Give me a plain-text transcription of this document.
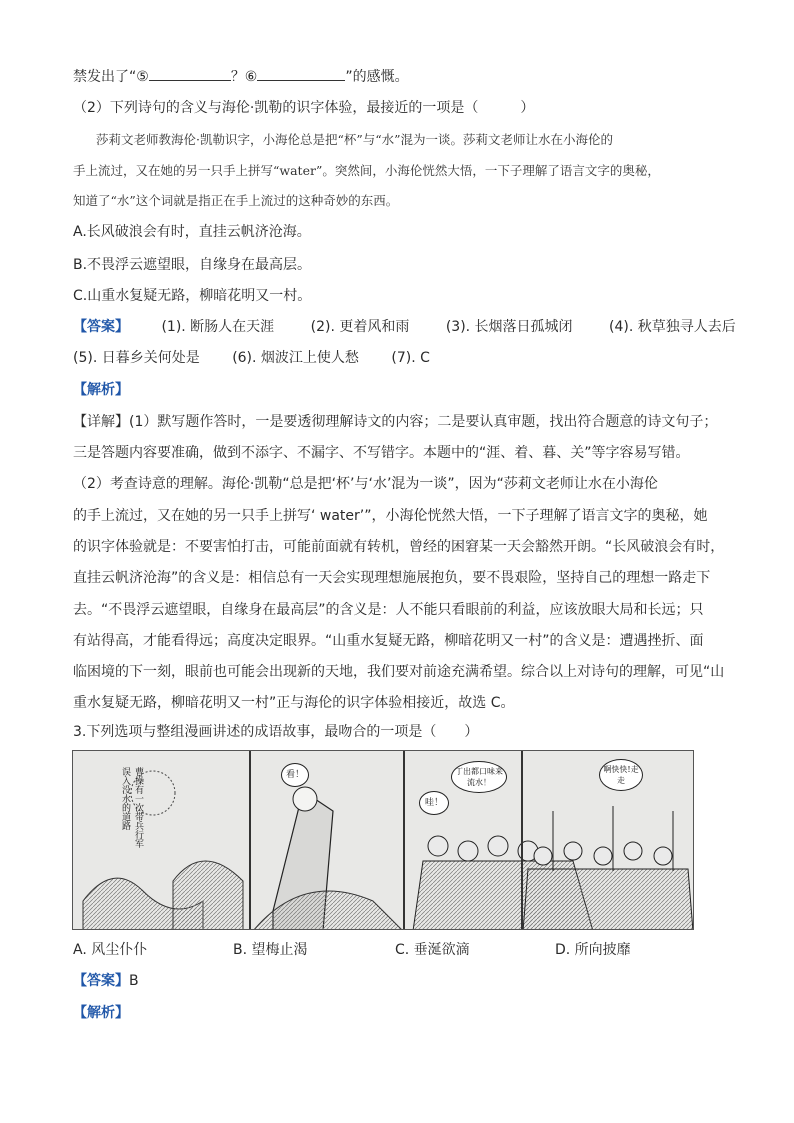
禁发出了“⑤	？⑥	”的感慨。
（2）下列诗句的含义与海伦·凯勒的识字体验，最接近的一项是（　　　）
莎莉文老师教海伦·凯勒识字，小海伦总是把“杯”与“水”混为一谈。莎莉文老师让水在小海伦的
手上流过，又在她的另一只手上拼写“water”。突然间，小海伦恍然大悟，一下子理解了语言文字的奥秘，
知道了“水”这个词就是指正在手上流过的这种奇妙的东西。
A.长风破浪会有时，直挂云帆济沧海。
B.不畏浮云遮望眼，自缘身在最高层。
C.山重水复疑无路，柳暗花明又一村。
【答案】 (1). 断肠人在天涯	(2). 更着风和雨	(3). 长烟落日孤城闭	(4). 秋草独寻人去后
(5). 日暮乡关何处是 (6). 烟波江上使人愁 (7). C
【解析】
【详解】(1）默写题作答时，一是要透彻理解诗文的内容；二是要认真审题，找出符合题意的诗文句子；
三是答题内容要准确，做到不添字、不漏字、不写错字。本题中的“涯、着、暮、关”等字容易写错。
（2）考查诗意的理解。海伦·凯勒“总是把‘杯’与‘水’混为一谈”，因为“莎莉文老师让水在小海伦
的手上流过，又在她的另一只手上拼写‘ water’”，小海伦恍然大悟，一下子理解了语言文字的奥秘，她
的识字体验就是：不要害怕打击，可能前面就有转机，曾经的困窘某一天会豁然开朗。“长风破浪会有时，
直挂云帆济沧海”的含义是：相信总有一天会实现理想施展抱负，要不畏艰险，坚持自己的理想一路走下
去。“不畏浮云遮望眼，自缘身在最高层”的含义是：人不能只看眼前的利益，应该放眼大局和长远；只
有站得高，才能看得远；高度决定眼界。“山重水复疑无路，柳暗花明又一村”的含义是：遭遇挫折、面
临困境的下一刻，眼前也可能会出现新的天地，我们要对前途充满希望。综合以上对诗句的理解，可见“山
重水复疑无路，柳暗花明又一村”正与海伦的识字体验相接近，故选 C。
3.下列选项与整组漫画讲述的成语故事，最吻合的一项是（　　）
曹操有一次带兵行军误入没水的道路	看！
哇！
丁出都口味来流水！
啊快快!走走
A. 风尘仆仆	B. 望梅止渴	C. 垂涎欲滴	D. 所向披靡
【答案】B
【解析】
